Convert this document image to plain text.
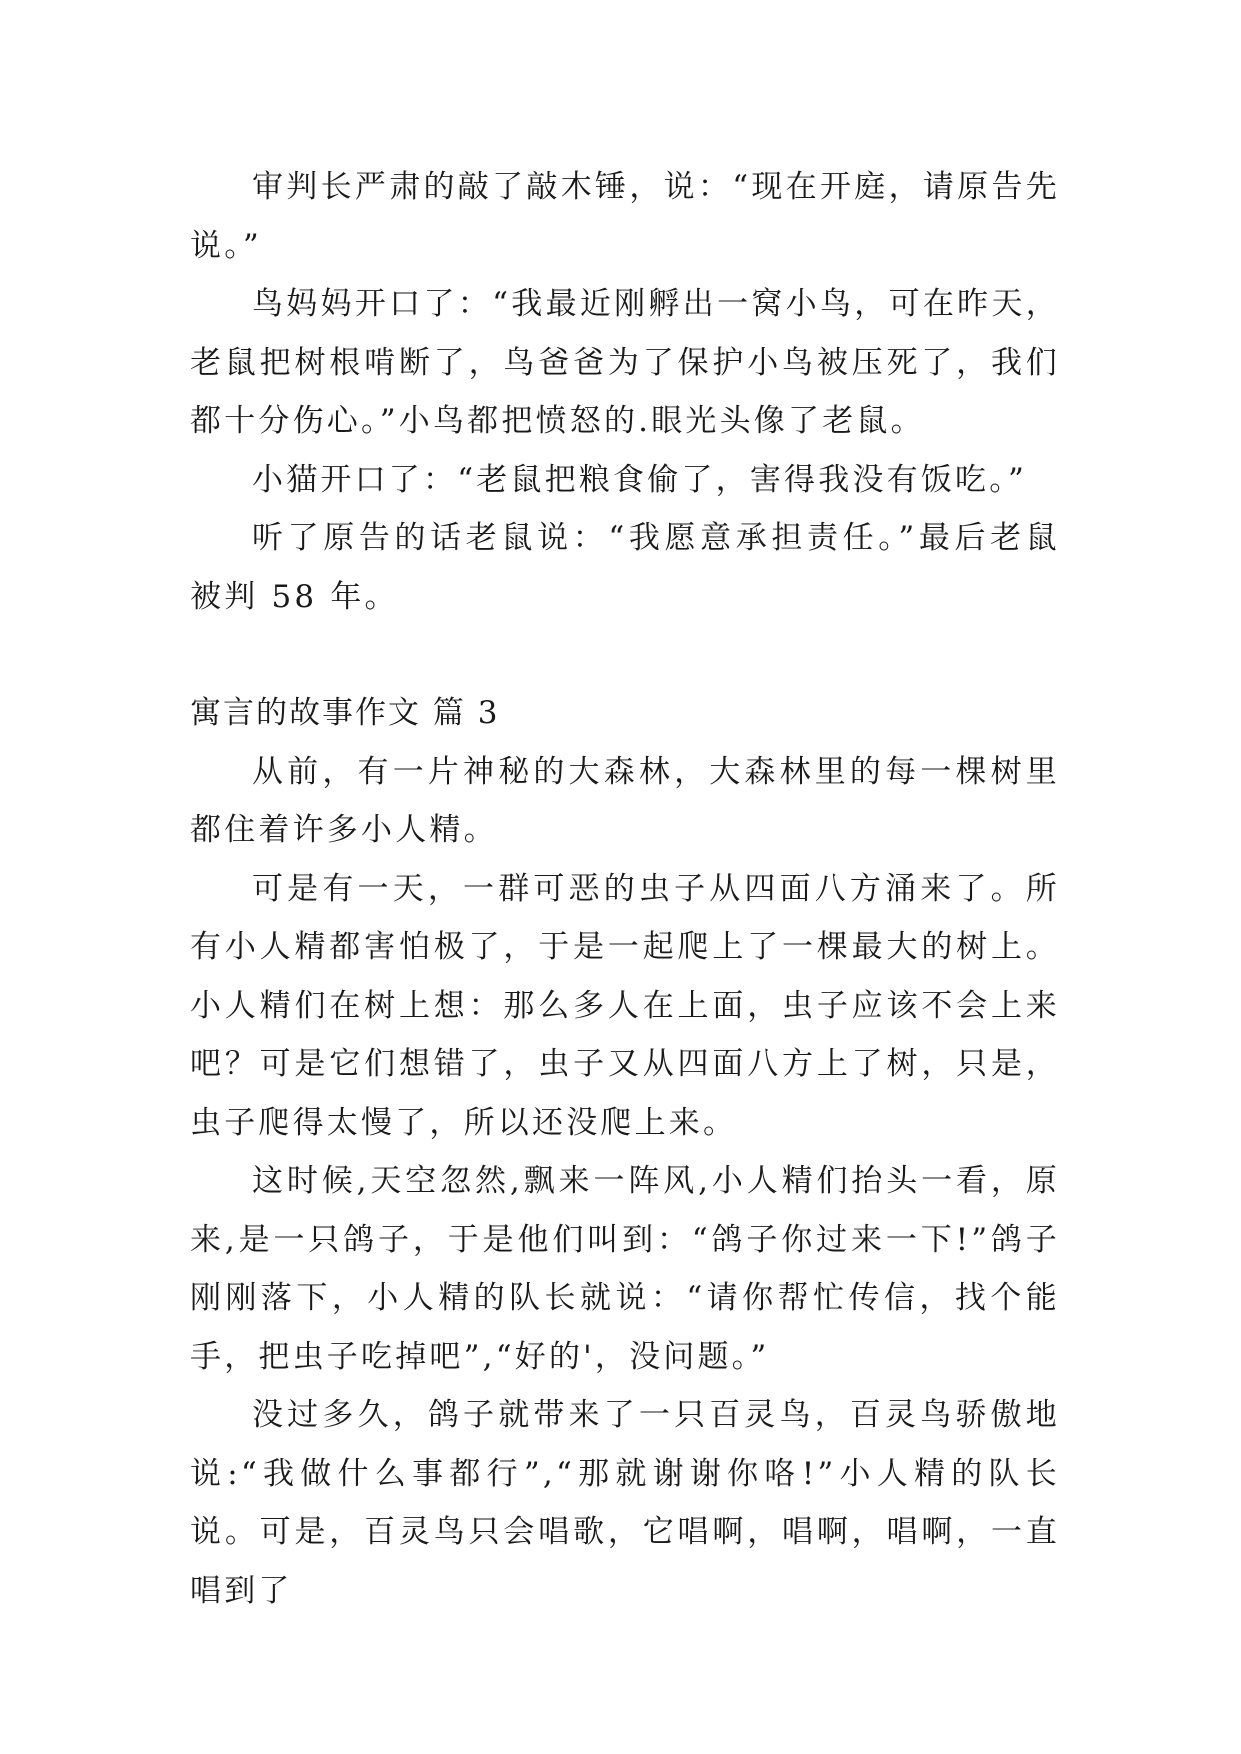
审判长严肃的敲了敲木锤，说：“现在开庭，请原告先说。”

鸟妈妈开口了：“我最近刚孵出一窝小鸟，可在昨天，老鼠把树根啃断了，鸟爸爸为了保护小鸟被压死了，我们都十分伤心。”小鸟都把愤怒的.眼光头像了老鼠。

小猫开口了：“老鼠把粮食偷了，害得我没有饭吃。”

听了原告的话老鼠说：“我愿意承担责任。”最后老鼠被判 58 年。

寓言的故事作文 篇 3

从前，有一片神秘的大森林，大森林里的每一棵树里都住着许多小人精。

可是有一天，一群可恶的虫子从四面八方涌来了。所有小人精都害怕极了，于是一起爬上了一棵最大的树上。小人精们在树上想：那么多人在上面，虫子应该不会上来吧？可是它们想错了，虫子又从四面八方上了树，只是，虫子爬得太慢了，所以还没爬上来。

这时候,天空忽然,飘来一阵风,小人精们抬头一看，原来,是一只鸽子，于是他们叫到：“鸽子你过来一下!”鸽子刚刚落下，小人精的队长就说：“请你帮忙传信，找个能手，把虫子吃掉吧”,“好的'，没问题。”

没过多久，鸽子就带来了一只百灵鸟，百灵鸟骄傲地说:“我做什么事都行”,“那就谢谢你咯!”小人精的队长说。可是，百灵鸟只会唱歌，它唱啊，唱啊，唱啊，一直唱到了
